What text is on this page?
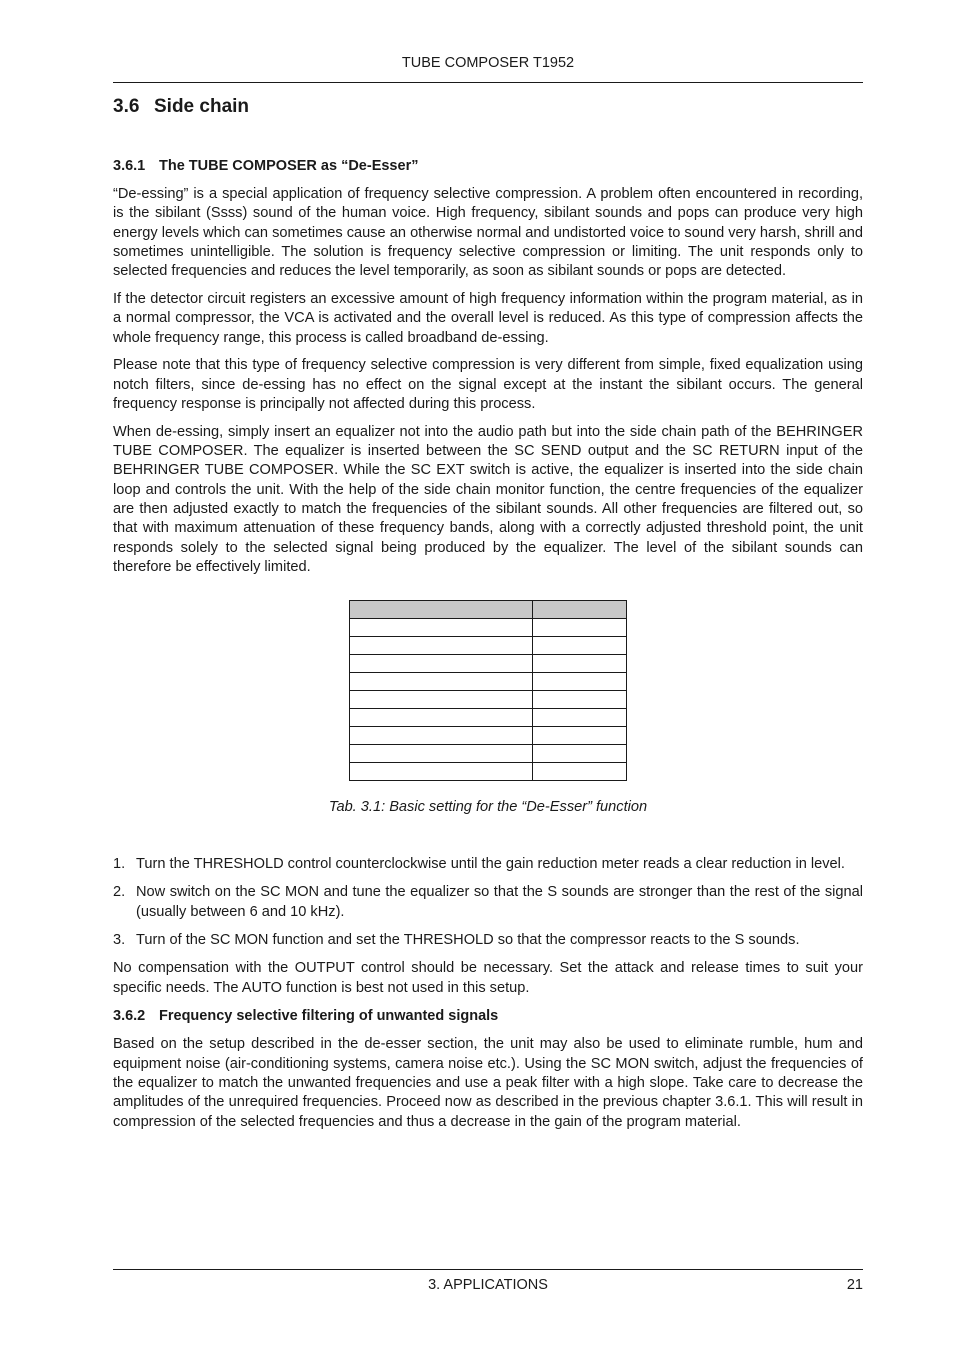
TUBE COMPOSER T1952
3.6 Side chain
3.6.1 The TUBE COMPOSER as “De-Esser”

“De-essing” is a special application of frequency selective compression. A problem often encountered in recording, is the sibilant (Ssss) sound of the human voice. High frequency, sibilant sounds and pops can produce very high energy levels which can sometimes cause an otherwise normal and undistorted voice to sound very harsh, shrill and sometimes unintelligible. The solution is frequency selective compression or limiting. The unit responds only to selected frequencies and reduces the level temporarily, as soon as sibilant sounds or pops are detected.

If the detector circuit registers an excessive amount of high frequency information within the program material, as in a normal compressor, the VCA is activated and the overall level is reduced. As this type of compression affects the whole frequency range, this process is called broadband de-essing.

Please note that this type of frequency selective compression is very different from simple, fixed equalization using notch filters, since de-essing has no effect on the signal except at the instant the sibilant occurs. The general frequency response is principally not affected during this process.

When de-essing, simply insert an equalizer not into the audio path but into the side chain path of the BEHRINGER TUBE COMPOSER. The equalizer is inserted between the SC SEND output and the SC RETURN input of the BEHRINGER TUBE COMPOSER. While the SC EXT switch is active, the equalizer is inserted into the side chain loop and controls the unit. With the help of the side chain monitor function, the centre frequencies of the equalizer are then adjusted exactly to match the frequencies of the sibilant sounds. All other frequencies are filtered out, so that with maximum attenuation of these frequency bands, along with a correctly adjusted threshold point, the unit responds solely to the selected signal being produced by the equalizer. The level of the sibilant sounds can therefore be effectively limited.

Tab. 3.1: Basic setting for the “De-Esser” function
1. Turn the THRESHOLD control counterclockwise until the gain reduction meter reads a clear reduction in level.
2. Now switch on the SC MON and tune the equalizer so that the S sounds are stronger than the rest of the signal (usually between 6 and 10 kHz).
3. Turn of the SC MON function and set the THRESHOLD so that the compressor reacts to the S sounds.

No compensation with the OUTPUT control should be necessary. Set the attack and release times to suit your specific needs. The AUTO function is best not used in this setup.

3.6.2 Frequency selective filtering of unwanted signals

Based on the setup described in the de-esser section, the unit may also be used to eliminate rumble, hum and equipment noise (air-conditioning systems, camera noise etc.). Using the SC MON switch, adjust the frequencies of the equalizer to match the unwanted frequencies and use a peak filter with a high slope. Take care to decrease the amplitudes of the unrequired frequencies. Proceed now as described in the previous chapter 3.6.1. This will result in compression of the selected frequencies and thus a decrease in the gain of the program material.

3. APPLICATIONS	21
